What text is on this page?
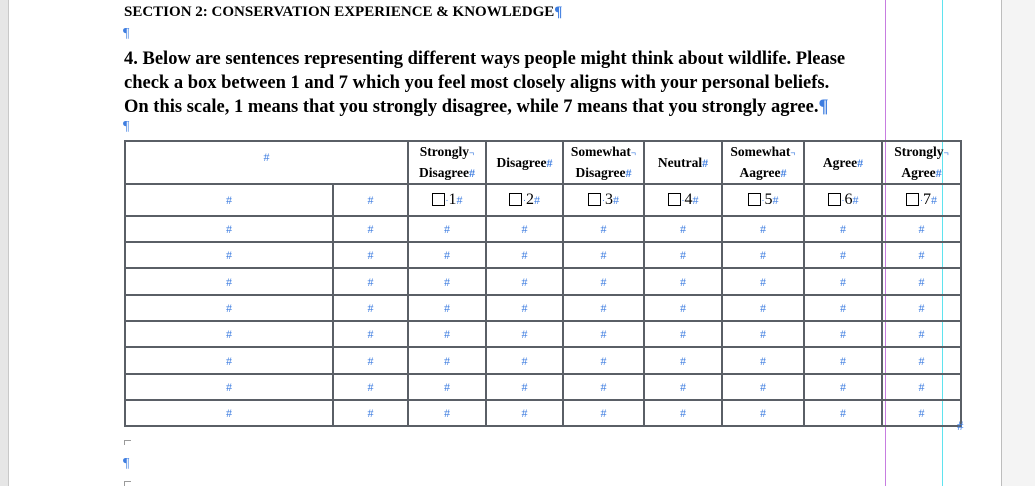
SECTION 2: CONSERVATION EXPERIENCE & KNOWLEDGE¶
¶
4. Below are sentences representing different ways people might think about wildlife. Please
check a box between 1 and 7 which you feel most closely aligns with your personal beliefs.
On this scale, 1 means that you strongly disagree, while 7 means that you strongly agree.¶
¶
#		Strongly¬
Disagree#	Disagree#	Somewhat¬
Disagree#	Neutral#	Somewhat¬
Aagree#	Agree#	Strongly¬
Agree#
#	#	·1#	·2#	·3#	·4#	·5#	·6#	·7#
#	#	#	#	#	#	#	#	#
#	#	#	#	#	#	#	#	#
#	#	#	#	#	#	#	#	#
#	#	#	#	#	#	#	#	#
#	#	#	#	#	#	#	#	#
#	#	#	#	#	#	#	#	#
#	#	#	#	#	#	#	#	#
#	#	#	#	#	#	#	#	#
#
¶
